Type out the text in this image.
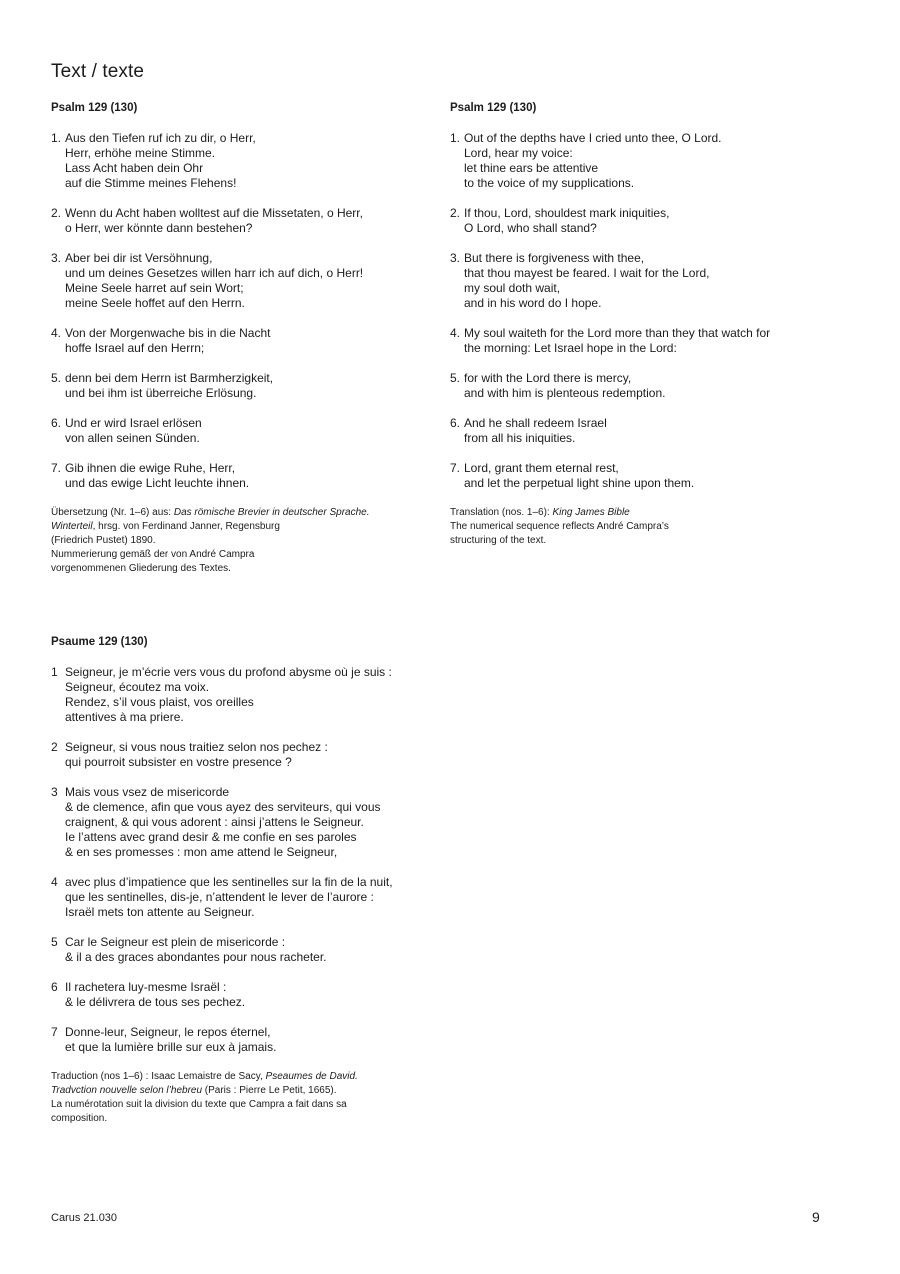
Text / texte
Psalm 129 (130)
1. Aus den Tiefen ruf ich zu dir, o Herr,
Herr, erhöhe meine Stimme.
Lass Acht haben dein Ohr
auf die Stimme meines Flehens!
2. Wenn du Acht haben wolltest auf die Missetaten, o Herr,
o Herr, wer könnte dann bestehen?
3. Aber bei dir ist Versöhnung,
und um deines Gesetzes willen harr ich auf dich, o Herr!
Meine Seele harret auf sein Wort;
meine Seele hoffet auf den Herrn.
4. Von der Morgenwache bis in die Nacht
hoffe Israel auf den Herrn;
5. denn bei dem Herrn ist Barmherzigkeit,
und bei ihm ist überreiche Erlösung.
6. Und er wird Israel erlösen
von allen seinen Sünden.
7. Gib ihnen die ewige Ruhe, Herr,
und das ewige Licht leuchte ihnen.
Übersetzung (Nr. 1–6) aus: Das römische Brevier in deutscher Sprache.
Winterteil, hrsg. von Ferdinand Janner, Regensburg
(Friedrich Pustet) 1890.
Nummerierung gemäß der von André Campra
vorgenommenen Gliederung des Textes.
Psalm 129 (130)
1. Out of the depths have I cried unto thee, O Lord.
Lord, hear my voice:
let thine ears be attentive
to the voice of my supplications.
2. If thou, Lord, shouldest mark iniquities,
O Lord, who shall stand?
3. But there is forgiveness with thee,
that thou mayest be feared. I wait for the Lord,
my soul doth wait,
and in his word do I hope.
4. My soul waiteth for the Lord more than they that watch for
the morning: Let Israel hope in the Lord:
5. for with the Lord there is mercy,
and with him is plenteous redemption.
6. And he shall redeem Israel
from all his iniquities.
7. Lord, grant them eternal rest,
and let the perpetual light shine upon them.
Translation (nos. 1–6): King James Bible
The numerical sequence reflects André Campra’s
structuring of the text.
Psaume 129 (130)
1 Seigneur, je m’écrie vers vous du profond abysme où je suis :
Seigneur, écoutez ma voix.
Rendez, s’il vous plaist, vos oreilles
attentives à ma priere.
2 Seigneur, si vous nous traitiez selon nos pechez :
qui pourroit subsister en vostre presence ?
3 Mais vous vsez de misericorde
& de clemence, afin que vous ayez des serviteurs, qui vous
craignent, & qui vous adorent : ainsi j’attens le Seigneur.
Ie l’attens avec grand desir & me confie en ses paroles
& en ses promesses : mon ame attend le Seigneur,
4 avec plus d’impatience que les sentinelles sur la fin de la nuit,
que les sentinelles, dis-je, n’attendent le lever de l’aurore :
Israël mets ton attente au Seigneur.
5 Car le Seigneur est plein de misericorde :
& il a des graces abondantes pour nous racheter.
6 Il rachetera luy-mesme Israël :
& le délivrera de tous ses pechez.
7 Donne-leur, Seigneur, le repos éternel,
et que la lumière brille sur eux à jamais.
Traduction (nos 1–6) : Isaac Lemaistre de Sacy, Pseaumes de David.
Tradvction nouvelle selon l’hebreu (Paris : Pierre Le Petit, 1665).
La numérotation suit la division du texte que Campra a fait dans sa
composition.
Carus 21.030	9
